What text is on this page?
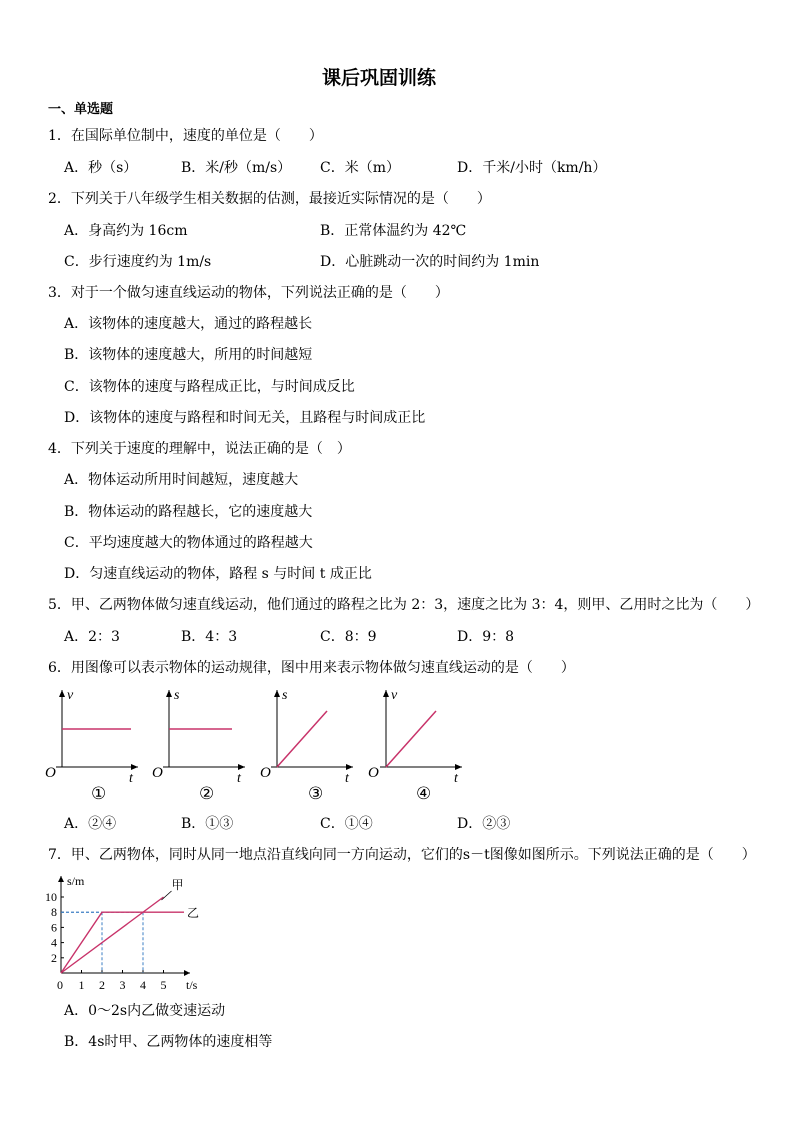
课后巩固训练
一、单选题
1．在国际单位制中，速度的单位是（　　）
A．秒（s）	B．米/秒（m/s） C．米（m）	D．千米/小时（km/h）
2．下列关于八年级学生相关数据的估测，最接近实际情况的是（　　）
A．身高约为 16cm	B．正常体温约为 42℃
C．步行速度约为 1m/s	D．心脏跳动一次的时间约为 1min
3．对于一个做匀速直线运动的物体，下列说法正确的是（　　）
A．该物体的速度越大，通过的路程越长
B．该物体的速度越大，所用的时间越短
C．该物体的速度与路程成正比，与时间成反比
D．该物体的速度与路程和时间无关，且路程与时间成正比
4．下列关于速度的理解中，说法正确的是（　）
A．物体运动所用时间越短，速度越大
B．物体运动的路程越长，它的速度越大
C．平均速度越大的物体通过的路程越大
D．匀速直线运动的物体，路程 s 与时间 t 成正比
5．甲、乙两物体做匀速直线运动，他们通过的路程之比为 2：3，速度之比为 3：4，则甲、乙用时之比为（　　）
A．2：3	B．4：3	C．8：9	D．9：8
6．用图像可以表示物体的运动规律，图中用来表示物体做匀速直线运动的是（　　）
v
t
O
s
t
O
s
t
O
v
t
O
①	②	③	④
A．②④	B．①③	C．①④	D．②③
7．甲、乙两物体，同时从同一地点沿直线向同一方向运动，它们的s－t图像如图所示。下列说法正确的是（　　）
2
4
6
8
10
0 1 2 3 4 5
甲
乙
s/m
t/s
A．0～2s内乙做变速运动
B．4s时甲、乙两物体的速度相等
